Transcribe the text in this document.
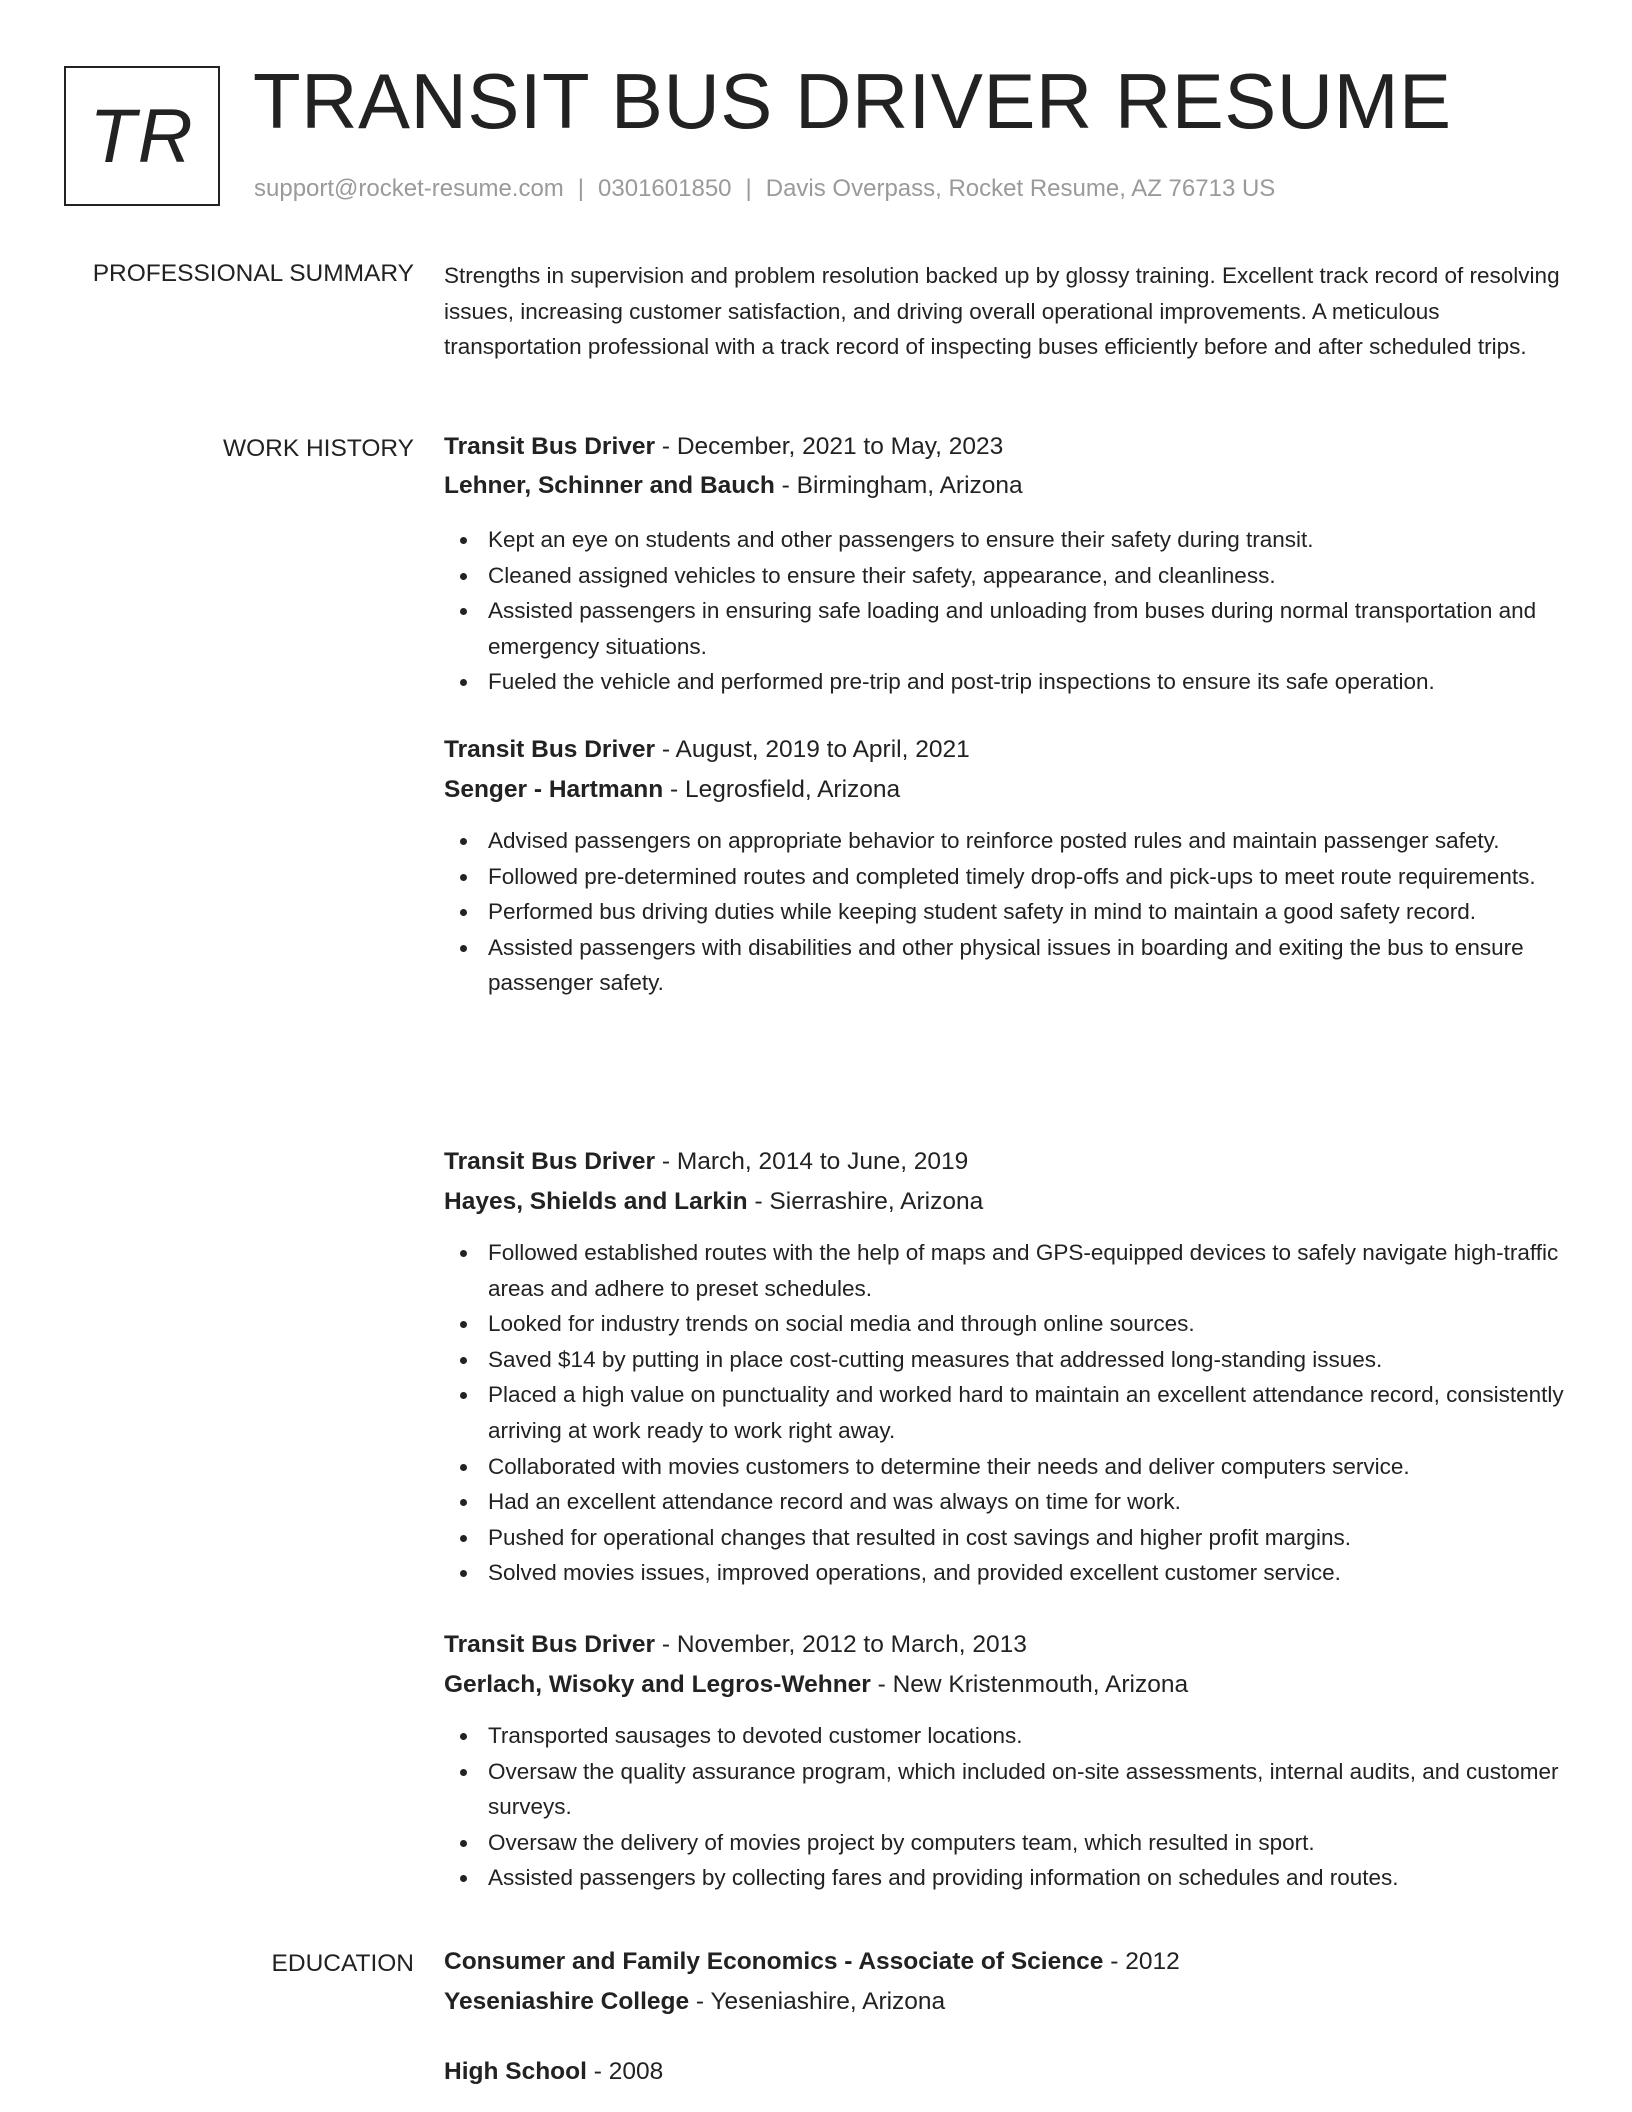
TR TRANSIT BUS DRIVER RESUME
support@rocket-resume.com | 0301601850 | Davis Overpass, Rocket Resume, AZ 76713 US
PROFESSIONAL SUMMARY Strengths in supervision and problem resolution backed up by glossy training. Excellent track record of resolving issues, increasing customer satisfaction, and driving overall operational improvements. A meticulous transportation professional with a track record of inspecting buses efficiently before and after scheduled trips.

WORK HISTORY Transit Bus Driver - December, 2021 to May, 2023

Lehner, Schinner and Bauch - Birmingham, Arizona

Kept an eye on students and other passengers to ensure their safety during transit.
Cleaned assigned vehicles to ensure their safety, appearance, and cleanliness.
Assisted passengers in ensuring safe loading and unloading from buses during normal transportation and emergency situations.
Fueled the vehicle and performed pre-trip and post-trip inspections to ensure its safe operation.

Transit Bus Driver - August, 2019 to April, 2021

Senger - Hartmann - Legrosfield, Arizona

Advised passengers on appropriate behavior to reinforce posted rules and maintain passenger safety.
Followed pre-determined routes and completed timely drop-offs and pick-ups to meet route requirements.
Performed bus driving duties while keeping student safety in mind to maintain a good safety record.
Assisted passengers with disabilities and other physical issues in boarding and exiting the bus to ensure passenger safety.

Transit Bus Driver - March, 2014 to June, 2019

Hayes, Shields and Larkin - Sierrashire, Arizona

Followed established routes with the help of maps and GPS-equipped devices to safely navigate high-traffic areas and adhere to preset schedules.
Looked for industry trends on social media and through online sources.
Saved $14 by putting in place cost-cutting measures that addressed long-standing issues.
Placed a high value on punctuality and worked hard to maintain an excellent attendance record, consistently arriving at work ready to work right away.
Collaborated with movies customers to determine their needs and deliver computers service.
Had an excellent attendance record and was always on time for work.
Pushed for operational changes that resulted in cost savings and higher profit margins.
Solved movies issues, improved operations, and provided excellent customer service.

Transit Bus Driver - November, 2012 to March, 2013

Gerlach, Wisoky and Legros-Wehner - New Kristenmouth, Arizona

Transported sausages to devoted customer locations.
Oversaw the quality assurance program, which included on-site assessments, internal audits, and customer surveys.
Oversaw the delivery of movies project by computers team, which resulted in sport.
Assisted passengers by collecting fares and providing information on schedules and routes.
EDUCATION Consumer and Family Economics - Associate of Science - 2012

Yeseniashire College - Yeseniashire, Arizona

High School - 2008
